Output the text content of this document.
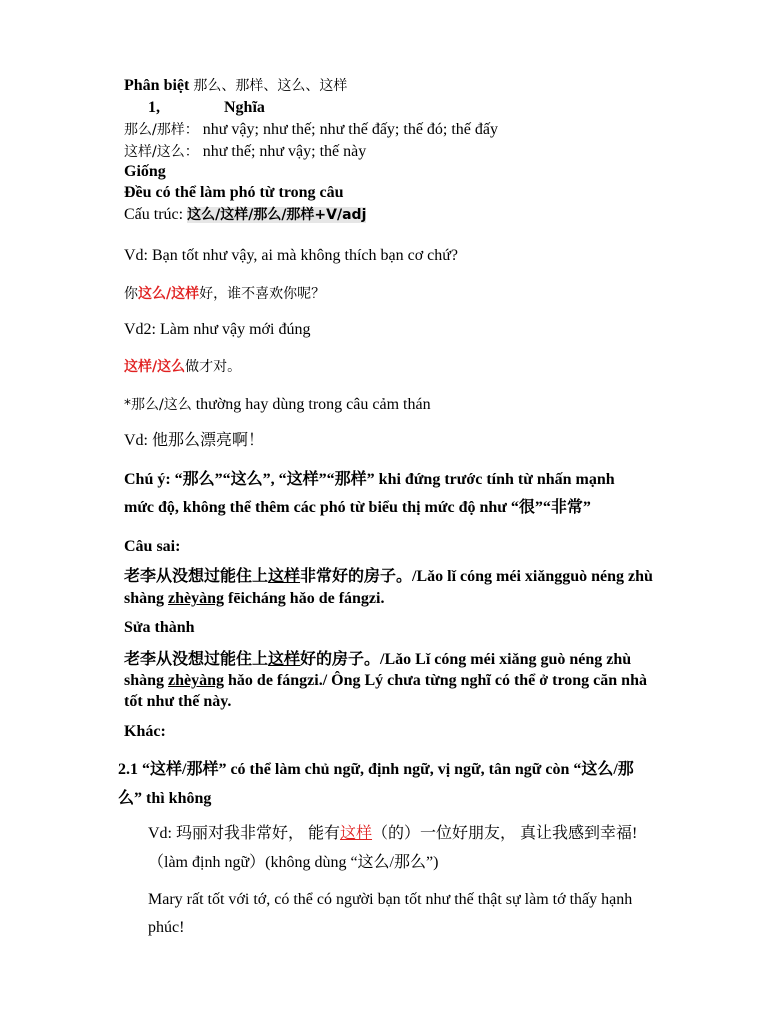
Phân biệt 那么、那样、这么、这样
1,	Nghĩa
那么/那样： như vậy; như thế; như thế đấy; thế đó; thế đấy
这样/这么： như thế; như vậy; thế này
Giống
Đều có thể làm phó từ trong câu
Cấu trúc: 这么/这样/那么/那样+V/adj
Vd: Bạn tốt như vậy, ai mà không thích bạn cơ chứ?
你这么/这样好，谁不喜欢你呢？
Vd2: Làm như vậy mới đúng
这样/这么做才对。
*那么/这么 thường hay dùng trong câu cảm thán
Vd: 他那么漂亮啊！
Chú ý: “那么”“这么”, “这样”“那样” khi đứng trước tính từ nhấn mạnh
mức độ, không thể thêm các phó từ biểu thị mức độ như “很”“非常”
Câu sai:
老李从没想过能住上这样非常好的房子。/Lǎo lǐ cóng méi xiǎngguò néng zhù
shàng zhèyàng fēicháng hǎo de fángzi.
Sửa thành
老李从没想过能住上这样好的房子。/Lǎo Lǐ cóng méi xiǎng guò néng zhù
shàng zhèyàng hǎo de fángzi./ Ông Lý chưa từng nghĩ có thể ở trong căn nhà
tốt như thế này.
Khác:
2.1 “这样/那样” có thể làm chủ ngữ, định ngữ, vị ngữ, tân ngữ còn “这么/那
么” thì không
Vd: 玛丽对我非常好， 能有这样（的）一位好朋友， 真让我感到幸福!
（làm định ngữ）(không dùng “这么/那么”)
Mary rất tốt với tớ, có thể có người bạn tốt như thế thật sự làm tớ thấy hạnh
phúc!
